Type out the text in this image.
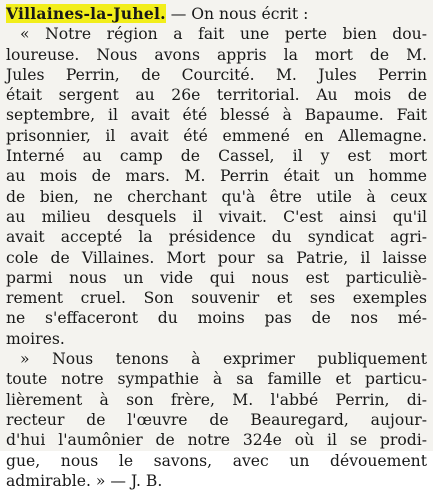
Villaines-la-Juhel. — On nous écrit :
« Notre région a fait une perte bien dou-
loureuse. Nous avons appris la mort de M.
Jules Perrin, de Courcité. M. Jules Perrin
était sergent au 26e territorial. Au mois de
septembre, il avait été blessé à Bapaume. Fait
prisonnier, il avait été emmené en Allemagne.
Interné au camp de Cassel, il y est mort
au mois de mars. M. Perrin était un homme
de bien, ne cherchant qu'à être utile à ceux
au milieu desquels il vivait. C'est ainsi qu'il
avait accepté la présidence du syndicat agri-
cole de Villaines. Mort pour sa Patrie, il laisse
parmi nous un vide qui nous est particuliè-
rement cruel. Son souvenir et ses exemples
ne s'effaceront du moins pas de nos mé-
moires.
» Nous tenons à exprimer publiquement
toute notre sympathie à sa famille et particu-
lièrement à son frère, M. l'abbé Perrin, di-
recteur de l'œuvre de Beauregard, aujour-
d'hui l'aumônier de notre 324e où il se prodi-
gue, nous le savons, avec un dévouement
admirable. » — J. B.
